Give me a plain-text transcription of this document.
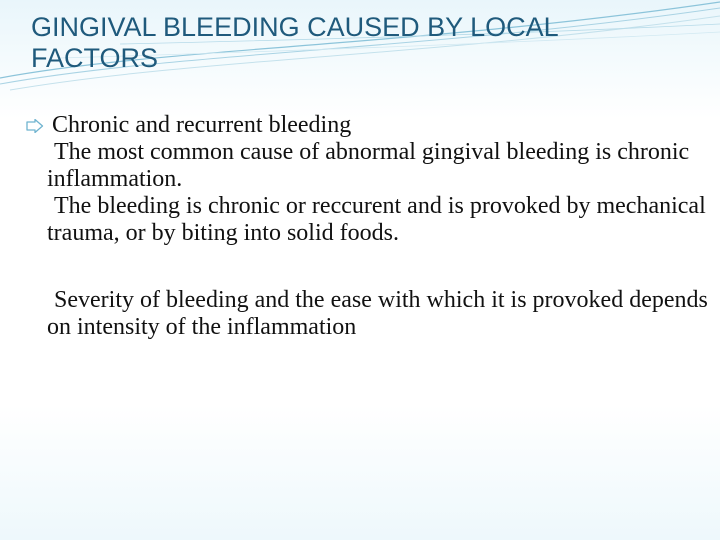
GINGIVAL BLEEDING CAUSED BY LOCAL FACTORS
Chronic and recurrent bleeding

The most common cause of abnormal gingival bleeding is chronic inflammation.

The bleeding is chronic or reccurent and is provoked by mechanical trauma, or by biting into solid foods.

Severity of bleeding and the ease with which it is provoked depends on intensity of the inflammation
